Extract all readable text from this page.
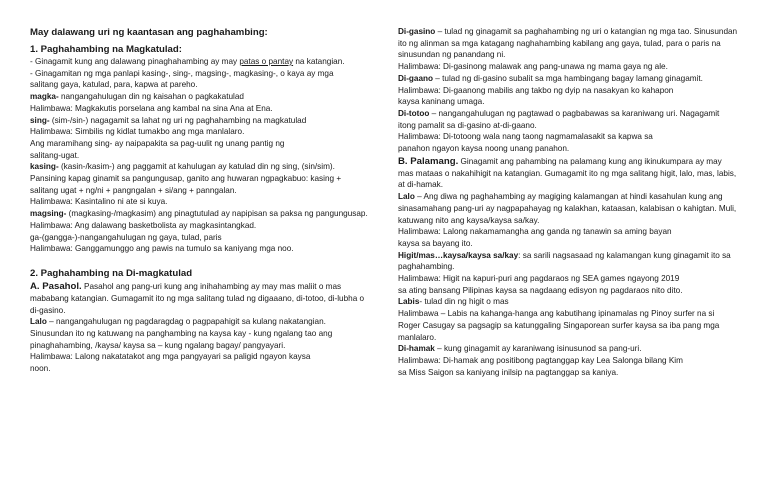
May dalawang uri ng kaantasan ang paghahambing:
1. Paghahambing na Magkatulad:
- Ginagamit kung ang dalawang pinaghahambing ay may patas o pantay na katangian.
- Ginagamitan ng mga panlapi kasing-, sing-, magsing-, magkasing-, o kaya ay mga
salitang gaya, katulad, para, kapwa at pareho.
magka- nangangahulugan din ng kaisahan o pagkakatulad
Halimbawa: Magkakutis porselana ang kambal na sina Ana at Ena.
sing- (sim-/sin-) nagagamit sa lahat ng uri ng paghahambing na magkatulad
Halimbawa: Simbilis ng kidlat tumakbo ang mga manlalaro.
Ang maramihang sing- ay naipapakita sa pag-uulit ng unang pantig ng
salitang-ugat.
kasing- (kasin-/kasim-) ang paggamit at kahulugan ay katulad din ng sing, (sin/sim).
Pansining kapag ginamit sa pangungusap, ganito ang huwaran ngpagkabuo: kasing +
salitang ugat + ng/ni + pangngalan + si/ang + panngalan.
Halimbawa: Kasintalino ni ate si kuya.
magsing- (magkasing-/magkasim) ang pinagtutulad ay napipisan sa paksa ng pangungusap.
Halimbawa: Ang dalawang basketbolista ay magkasintangkad.
ga-(gangga-)-nangangahulugan ng gaya, tulad, paris
Halimbawa: Ganggamunggo ang pawis na tumulo sa kaniyang mga noo.
2. Paghahambing na Di-magkatulad
A. Pasahol. Pasahol ang pang-uri kung ang inihahambing ay may mas maliit o mas
mababang katangian. Gumagamit ito ng mga salitang tulad ng digaaano, di-totoo, di-lubha o
di-gasino.
Lalo – nangangahulugan ng pagdaragdag o pagpapahigit sa kulang nakatangian.
Sinusundan ito ng katuwang na panghambing na kaysa kay - kung ngalang tao ang
pinaghahambing, /kaysa/ kaysa sa – kung ngalang bagay/ pangyayari.
Halimbawa: Lalong nakatatakot ang mga pangyayari sa paligid ngayon kaysa
noon.
Di-gasino – tulad ng ginagamit sa paghahambing ng uri o katangian ng mga tao. Sinusundan
ito ng alinman sa mga katagang naghahambing kabilang ang gaya, tulad, para o paris na
sinusundan ng panandang ni.
Halimbawa: Di-gasinong malawak ang pang-unawa ng mama gaya ng ale.
Di-gaano – tulad ng di-gasino subalit sa mga hambingang bagay lamang ginagamit.
Halimbawa: Di-gaanong mabilis ang takbo ng dyip na nasakyan ko kahapon
kaysa kaninang umaga.
Di-totoo – nangangahulugan ng pagtawad o pagbabawas sa karaniwang uri. Nagagamit
itong pamalit sa di-gasino at-di-gaano.
Halimbawa: Di-totoong wala nang taong nagmamalasakit sa kapwa sa
panahon ngayon kaysa noong unang panahon.
B. Palamang. Ginagamit ang pahambing na palamang kung ang ikinukumpara ay may
mas mataas o nakahihigit na katangian. Gumagamit ito ng mga salitang higit, lalo, mas, labis,
at di-hamak.
Lalo – Ang diwa ng paghahambing ay magiging kalamangan at hindi kasahulan kung ang
sinasamahang pang-uri ay nagpapahayag ng kalakhan, kataasan, kalabisan o kahigtan. Muli,
katuwang nito ang kaysa/kaysa sa/kay.
Halimbawa: Lalong nakamamangha ang ganda ng tanawin sa aming bayan
kaysa sa bayang ito.
Higit/mas…kaysa/kaysa sa/kay: sa sarili nagsasaad ng kalamangan kung ginagamit ito sa
paghahambing.
Halimbawa: Higit na kapuri-puri ang pagdaraos ng SEA games ngayong 2019
sa ating bansang Pilipinas kaysa sa nagdaang edisyon ng pagdaraos nito dito.
Labis- tulad din ng higit o mas
Halimbawa – Labis na kahanga-hanga ang kabutihang ipinamalas ng Pinoy surfer na si
Roger Casugay sa pagsagip sa katunggaling Singaporean surfer kaysa sa iba pang mga
manlalaro.
Di-hamak – kung ginagamit ay karaniwang isinusunod sa pang-uri.
Halimbawa: Di-hamak ang positibong pagtanggap kay Lea Salonga bilang Kim
sa Miss Saigon sa kaniyang inilsip na pagtanggap sa kaniya.
